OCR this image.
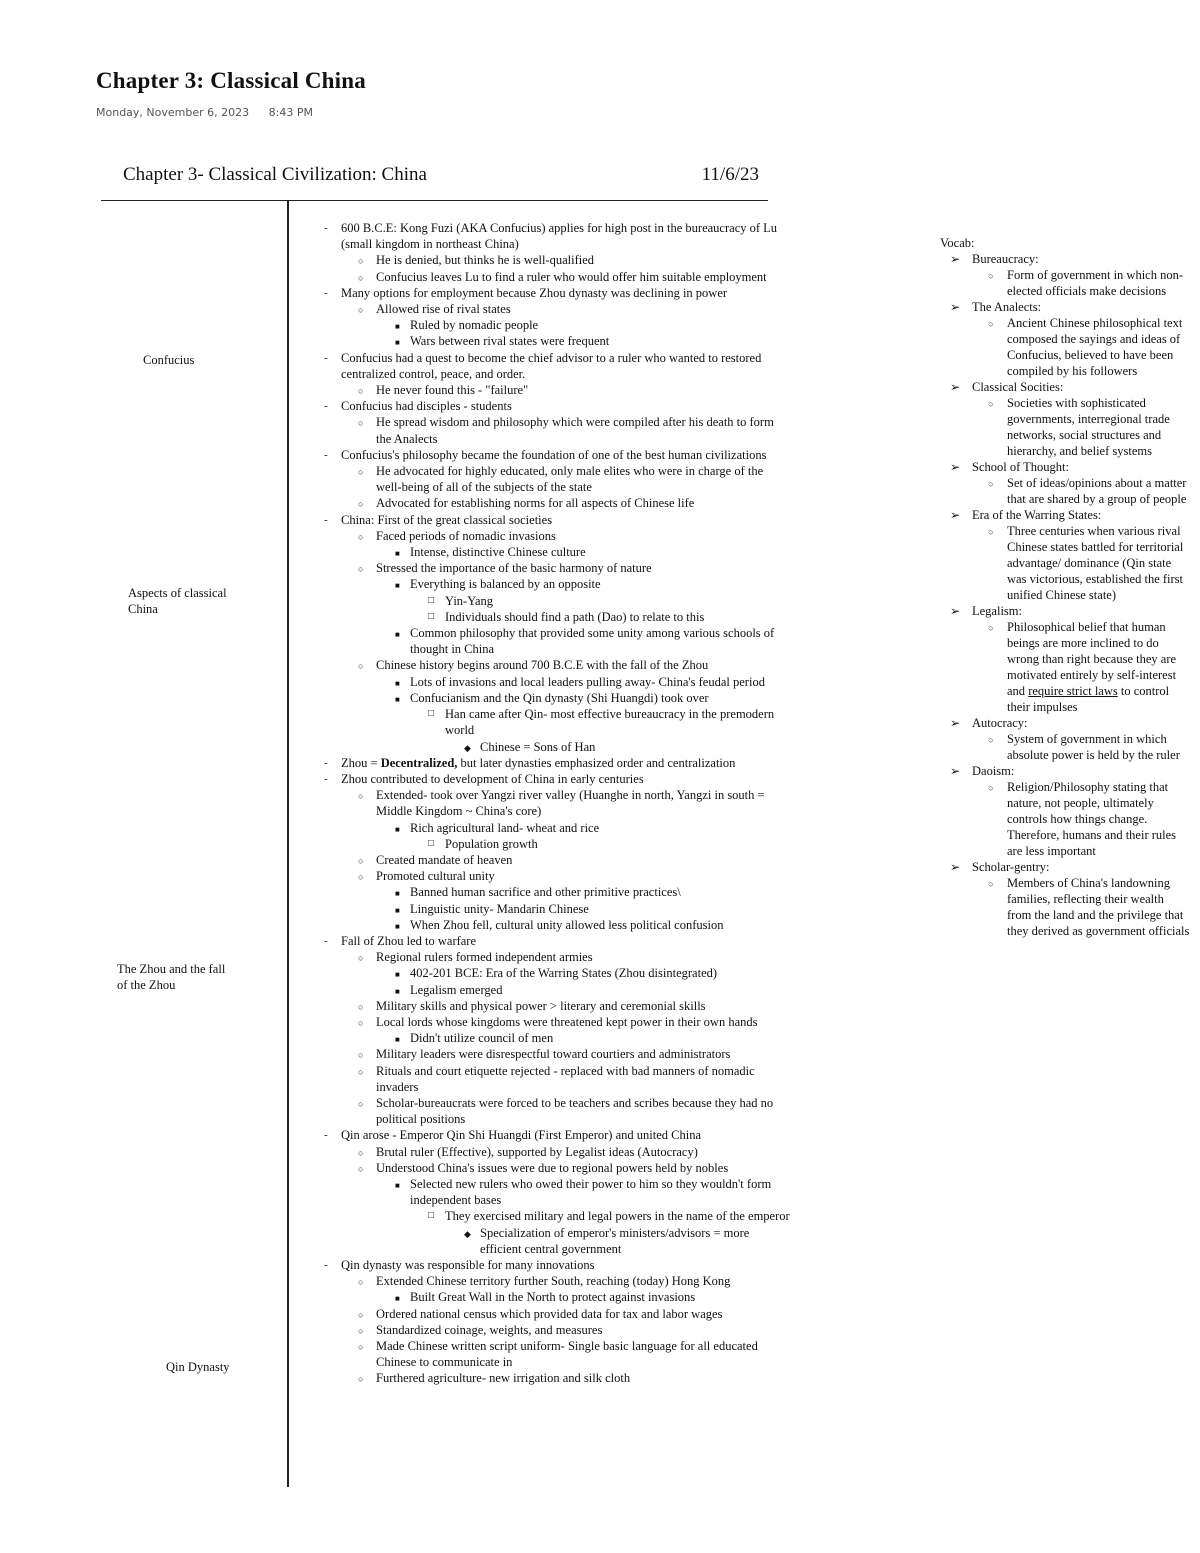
Chapter 3: Classical China
Monday, November 6, 2023 8:43 PM
Chapter 3- Classical Civilization: China	11/6/23
Confucius
Aspects of classical China
The Zhou and the fall of the Zhou
Qin Dynasty
- 600 B.C.E: Kong Fuzi (AKA Confucius) applies for high post in the bureaucracy of Lu (small kingdom in northeast China)
○ He is denied, but thinks he is well-qualified
○ Confucius leaves Lu to find a ruler who would offer him suitable employment
- Many options for employment because Zhou dynasty was declining in power
○ Allowed rise of rival states
■ Ruled by nomadic people
■ Wars between rival states were frequent
- Confucius had a quest to become the chief advisor to a ruler who wanted to restored centralized control, peace, and order.
○ He never found this - "failure"
- Confucius had disciples - students
○ He spread wisdom and philosophy which were compiled after his death to form the Analects
- Confucius's philosophy became the foundation of one of the best human civilizations
○ He advocated for highly educated, only male elites who were in charge of the well-being of all of the subjects of the state
○ Advocated for establishing norms for all aspects of Chinese life
- China: First of the great classical societies
○ Faced periods of nomadic invasions
■ Intense, distinctive Chinese culture
○ Stressed the importance of the basic harmony of nature
■ Everything is balanced by an opposite
□ Yin-Yang
□ Individuals should find a path (Dao) to relate to this
■ Common philosophy that provided some unity among various schools of thought in China
○ Chinese history begins around 700 B.C.E with the fall of the Zhou
■ Lots of invasions and local leaders pulling away- China's feudal period
■ Confucianism and the Qin dynasty (Shi Huangdi) took over
□ Han came after Qin- most effective bureaucracy in the premodern world
◆ Chinese = Sons of Han
- Zhou = Decentralized, but later dynasties emphasized order and centralization
- Zhou contributed to development of China in early centuries
○ Extended- took over Yangzi river valley (Huanghe in north, Yangzi in south = Middle Kingdom ~ China's core)
■ Rich agricultural land- wheat and rice
□ Population growth
○ Created mandate of heaven
○ Promoted cultural unity
■ Banned human sacrifice and other primitive practices\
■ Linguistic unity- Mandarin Chinese
■ When Zhou fell, cultural unity allowed less political confusion
- Fall of Zhou led to warfare
○ Regional rulers formed independent armies
■ 402-201 BCE: Era of the Warring States (Zhou disintegrated)
■ Legalism emerged
○ Military skills and physical power > literary and ceremonial skills
○ Local lords whose kingdoms were threatened kept power in their own hands
■ Didn't utilize council of men
○ Military leaders were disrespectful toward courtiers and administrators
○ Rituals and court etiquette rejected - replaced with bad manners of nomadic invaders
○ Scholar-bureaucrats were forced to be teachers and scribes because they had no political positions
- Qin arose - Emperor Qin Shi Huangdi (First Emperor) and united China
○ Brutal ruler (Effective), supported by Legalist ideas (Autocracy)
○ Understood China's issues were due to regional powers held by nobles
■ Selected new rulers who owed their power to him so they wouldn't form independent bases
□ They exercised military and legal powers in the name of the emperor
◆ Specialization of emperor's ministers/advisors = more efficient central government
- Qin dynasty was responsible for many innovations
○ Extended Chinese territory further South, reaching (today) Hong Kong
■ Built Great Wall in the North to protect against invasions
○ Ordered national census which provided data for tax and labor wages
○ Standardized coinage, weights, and measures
○ Made Chinese written script uniform- Single basic language for all educated Chinese to communicate in
○ Furthered agriculture- new irrigation and silk cloth
Vocab:
➢ Bureaucracy:
○ Form of government in which non-elected officials make decisions
➢ The Analects:
○ Ancient Chinese philosophical text composed the sayings and ideas of Confucius, believed to have been compiled by his followers
➢ Classical Socities:
○ Societies with sophisticated governments, interregional trade networks, social structures and hierarchy, and belief systems
➢ School of Thought:
○ Set of ideas/opinions about a matter that are shared by a group of people
➢ Era of the Warring States:
○ Three centuries when various rival Chinese states battled for territorial advantage/ dominance (Qin state was victorious, established the first unified Chinese state)
➢ Legalism:
○ Philosophical belief that human beings are more inclined to do wrong than right because they are motivated entirely by self-interest and require strict laws to control their impulses
➢ Autocracy:
○ System of government in which absolute power is held by the ruler
➢ Daoism:
○ Religion/Philosophy stating that nature, not people, ultimately controls how things change. Therefore, humans and their rules are less important
➢ Scholar-gentry:
○ Members of China's landowning families, reflecting their wealth from the land and the privilege that they derived as government officials
